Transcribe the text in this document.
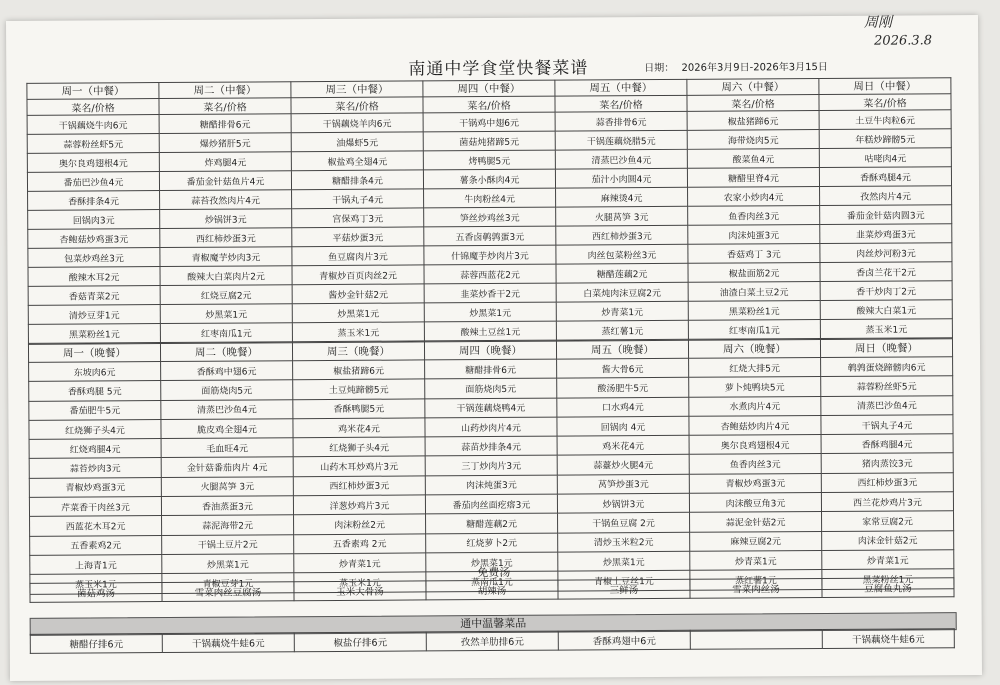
周刚
2026.3.8
南通中学食堂快餐菜谱	日期： 2026年3月9日-2026年3月15日
周一（中餐）	周二（中餐）	周三（中餐）	周四（中餐）	周五（中餐）	周六（中餐）	周日（中餐）
菜名/价格	菜名/价格	菜名/价格	菜名/价格	菜名/价格	菜名/价格	菜名/价格
干锅藕烧牛肉6元	糖醋排骨6元	干锅藕烧羊肉6元	干锅鸡中翅6元	蒜香排骨6元	椒盐猪蹄6元	土豆牛肉粒6元
蒜蓉粉丝虾5元	爆炒猪肝5元	油爆虾5元	菌菇炖猪蹄5元	干锅莲藕烧腊5元	海带烧肉5元	年糕炒蹄髈5元
奥尔良鸡翅根4元	炸鸡腿4元	椒盐鸡全翅4元	烤鸭腿5元	清蒸巴沙鱼4元	酸菜鱼4元	咕咾肉4元
番茄巴沙鱼4元	番茄金针菇鱼片4元	糖醋排条4元	薯条小酥肉4元	茄汁小肉圆4元	糖醋里脊4元	香酥鸡腿4元
香酥排条4元	蒜苔孜然肉片4元	干锅丸子4元	牛肉粉丝4元	麻辣烫4元	农家小炒肉4元	孜然肉片4元
回锅肉3元	炒锅饼3元	宫保鸡丁3元	笋丝炒鸡丝3元	火腿莴笋 3元	鱼香肉丝3元	番茄金针菇肉圆3元
杏鲍菇炒鸡蛋3元	西红柿炒蛋3元	平菇炒蛋3元	五香卤鹌鹑蛋3元	西红柿炒蛋3元	肉沫炖蛋3元	韭菜炒鸡蛋3元
包菜炒鸡丝3元	青椒魔芋炒肉3元	鱼豆腐肉片3元	什锦魔芋炒肉片3元	肉丝包菜粉丝3元	香菇鸡丁 3元	肉丝炒河粉3元
酸辣木耳2元	酸辣大白菜肉片2元	青椒炒百页肉丝2元	蒜蓉西蓝花2元	糖醋莲藕2元	椒盐面筋2元	香卤兰花干2元
香菇青菜2元	红烧豆腐2元	酱炒金针菇2元	韭菜炒香干2元	白菜炖肉沫豆腐2元	油渣白菜土豆2元	香干炒肉丁2元
清炒豆芽1元	炒黑菜1元	炒黑菜1元	炒黑菜1元	炒青菜1元	黑菜粉丝1元	酸辣大白菜1元
黑菜粉丝1元	红枣南瓜1元	蒸玉米1元	酸辣土豆丝1元	蒸红薯1元	红枣南瓜1元	蒸玉米1元
周一（晚餐）	周二（晚餐）	周三（晚餐）	周四（晚餐）	周五（晚餐）	周六（晚餐）	周日（晚餐）
东坡肉6元	香酥鸡中翅6元	椒盐猪蹄6元	糖醋排骨6元	酱大骨6元	红烧大排5元	鹌鹑蛋烧蹄髈肉6元
香酥鸡腿 5元	面筋烧肉5元	土豆炖蹄髈5元	面筋烧肉5元	酸汤肥牛5元	萝卜炖鸭块5元	蒜蓉粉丝虾5元
番茄肥牛5元	清蒸巴沙鱼4元	香酥鸭腿5元	干锅莲藕烧鸭4元	口水鸡4元	水煮肉片4元	清蒸巴沙鱼4元
红烧狮子头4元	脆皮鸡全翅4元	鸡米花4元	山药炒肉片4元	回锅肉 4元	杏鲍菇炒肉片4元	干锅丸子4元
红烧鸡腿4元	毛血旺4元	红烧狮子头4元	蒜苗炒排条4元	鸡米花4元	奥尔良鸡翅根4元	香酥鸡腿4元
蒜苔炒肉3元	金针菇番茄肉片 4元	山药木耳炒鸡片3元	三丁炒肉片3元	蒜薹炒火腿4元	鱼香肉丝3元	猪肉蒸饺3元
青椒炒鸡蛋3元	火腿莴笋 3元	西红柿炒蛋3元	肉沫炖蛋3元	莴笋炒蛋3元	青椒炒鸡蛋3元	西红柿炒蛋3元
芹菜香干肉丝3元	香油蒸蛋3元	洋葱炒鸡片3元	番茄肉丝面疙瘩3元	炒锅饼3元	肉沫酸豆角3元	西兰花炒鸡片3元
西蓝花木耳2元	蒜泥海带2元	肉沫粉丝2元	糖醋莲藕2元	干锅鱼豆腐 2元	蒜泥金针菇2元	家常豆腐2元
五香素鸡2元	干锅土豆片2元	五香素鸡 2元	红烧萝卜2元	清炒玉米粒2元	麻辣豆腐2元	肉沫金针菇2元
上海青1元	炒黑菜1元	炒青菜1元	炒黑菜1元	炒黑菜1元	炒青菜1元	炒青菜1元
蒸玉米1元	青椒豆芽1元	蒸玉米1元	蒸南瓜1元	青椒土豆丝1元	蒸红薯1元	黑菜粉丝1元
免费汤
菌菇鸡汤	雪菜肉丝豆腐汤	玉米大骨汤	胡辣汤	三鲜汤	雪菜肉丝汤	豆腐鱼丸汤
通中温馨菜品
糖醋仔排6元	干锅藕烧牛蛙6元	椒盐仔排6元	孜然羊肋排6元	香酥鸡翅中6元		干锅藕烧牛蛙6元
